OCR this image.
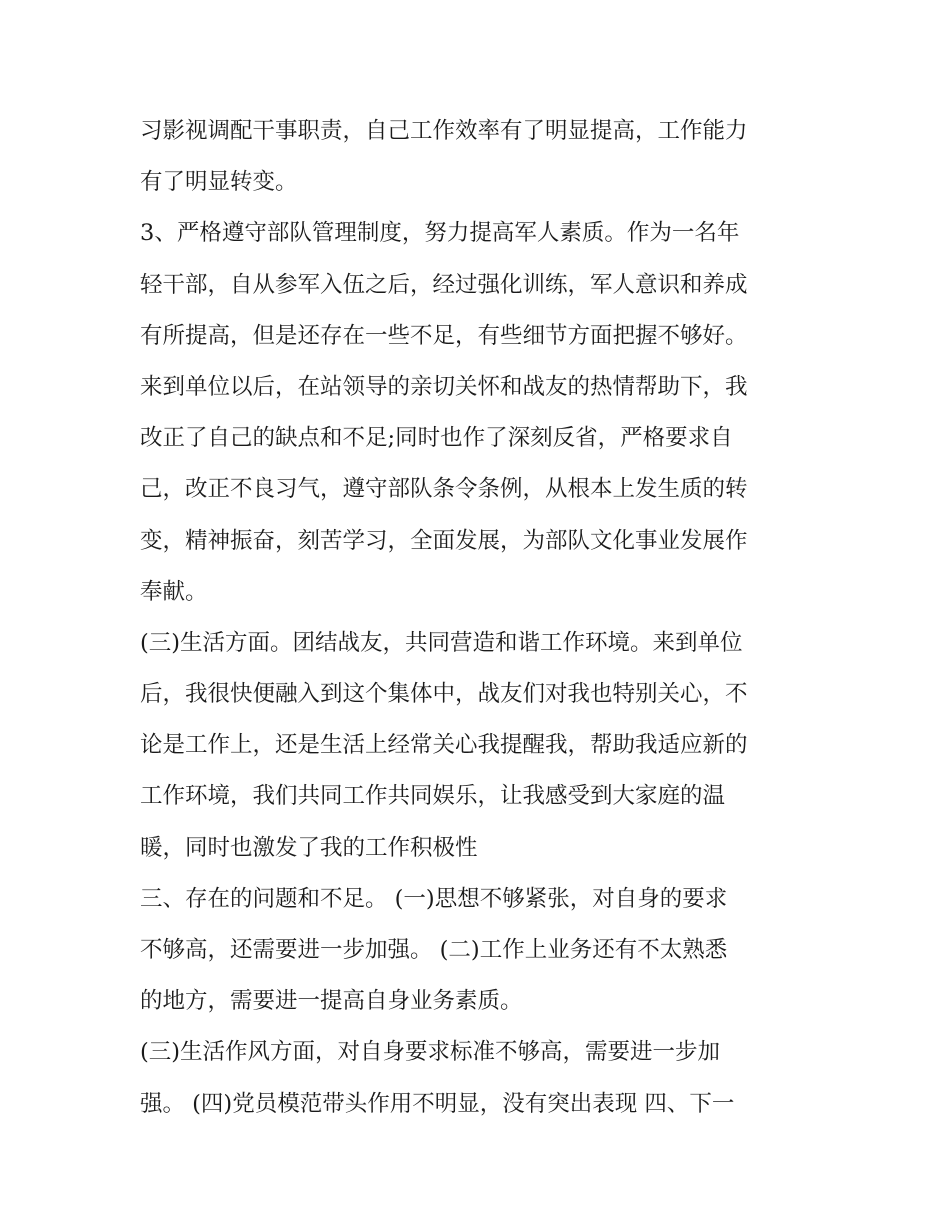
习影视调配干事职责，自己工作效率有了明显提高，工作能力
有了明显转变。
3、严格遵守部队管理制度，努力提高军人素质。作为一名年
轻干部，自从参军入伍之后，经过强化训练，军人意识和养成
有所提高，但是还存在一些不足，有些细节方面把握不够好。
来到单位以后，在站领导的亲切关怀和战友的热情帮助下，我
改正了自己的缺点和不足;同时也作了深刻反省，严格要求自
己，改正不良习气，遵守部队条令条例，从根本上发生质的转
变，精神振奋，刻苦学习，全面发展，为部队文化事业发展作
奉献。
(三)生活方面。团结战友，共同营造和谐工作环境。来到单位
后，我很快便融入到这个集体中，战友们对我也特别关心，不
论是工作上，还是生活上经常关心我提醒我，帮助我适应新的
工作环境，我们共同工作共同娱乐，让我感受到大家庭的温
暖，同时也激发了我的工作积极性
三、存在的问题和不足。 (一)思想不够紧张，对自身的要求
不够高，还需要进一步加强。 (二)工作上业务还有不太熟悉
的地方，需要进一提高自身业务素质。
(三)生活作风方面，对自身要求标准不够高，需要进一步加
强。 (四)党员模范带头作用不明显，没有突出表现 四、下一
